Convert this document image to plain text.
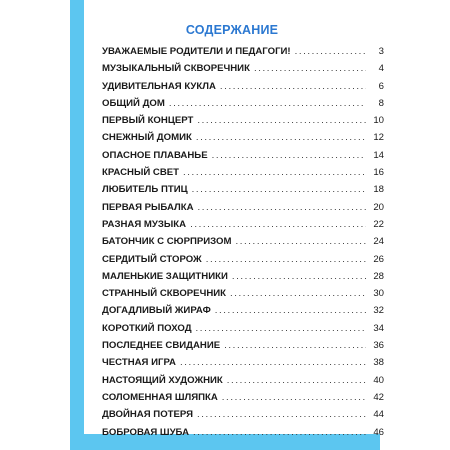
СОДЕРЖАНИЕ
УВАЖАЕМЫЕ РОДИТЕЛИ И ПЕДАГОГИ! .....	3
МУЗЫКАЛЬНЫЙ СКВОРЕЧНИК .....	4
УДИВИТЕЛЬНАЯ КУКЛА .....	6
ОБЩИЙ ДОМ .....	8
ПЕРВЫЙ КОНЦЕРТ .....	10
СНЕЖНЫЙ ДОМИК .....	12
ОПАСНОЕ ПЛАВАНЬЕ .....	14
КРАСНЫЙ СВЕТ .....	16
ЛЮБИТЕЛЬ ПТИЦ .....	18
ПЕРВАЯ РЫБАЛКА .....	20
РАЗНАЯ МУЗЫКА .....	22
БАТОНЧИК С СЮРПРИЗОМ .....	24
СЕРДИТЫЙ СТОРОЖ .....	26
МАЛЕНЬКИЕ ЗАЩИТНИКИ .....	28
СТРАННЫЙ СКВОРЕЧНИК .....	30
ДОГАДЛИВЫЙ ЖИРАФ .....	32
КОРОТКИЙ ПОХОД .....	34
ПОСЛЕДНЕЕ СВИДАНИЕ .....	36
ЧЕСТНАЯ ИГРА .....	38
НАСТОЯЩИЙ ХУДОЖНИК .....	40
СОЛОМЕННАЯ ШЛЯПКА .....	42
ДВОЙНАЯ ПОТЕРЯ .....	44
БОБРОВАЯ ШУБА .....	46
